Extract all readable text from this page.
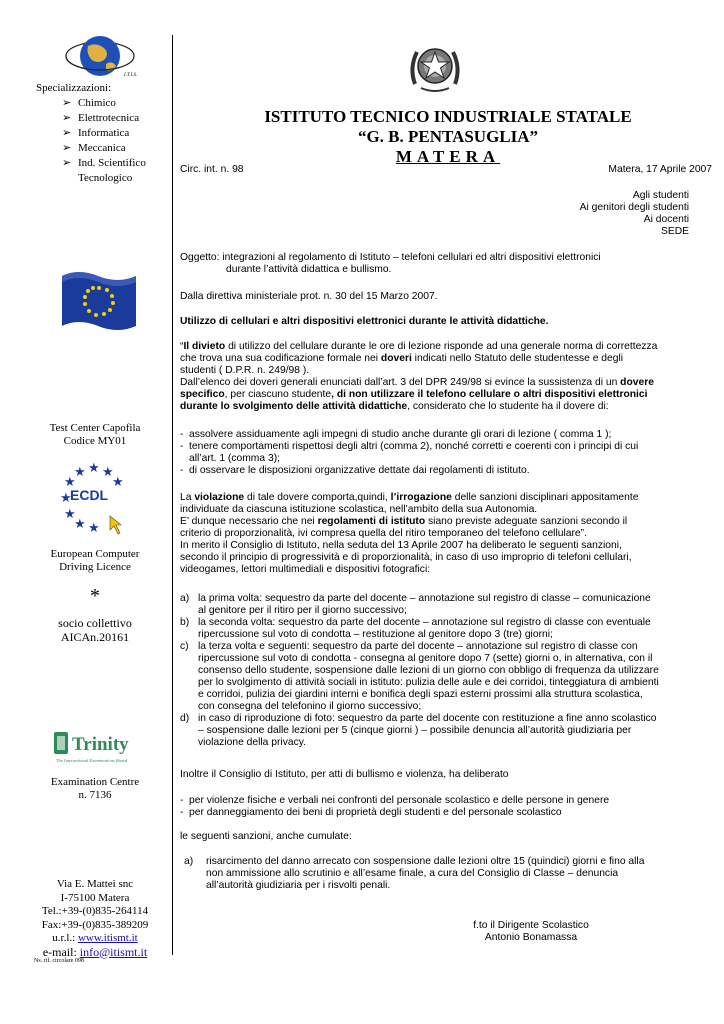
I.T.I.S.
Specializzazioni:
➢ Chimico
➢ Elettrotecnica
➢ Informatica
➢ Meccanica
➢ Ind. Scientifico Tecnologico
Test Center Capofila
Codice MY01
★ ★
★
★
★
★
★
★ ★
ECDL
European Computer
Driving Licence
*
socio collettivo
AICAn.20161
Trinity
The International Examinations Board
Examination Centre
n. 7136
Via E. Mattei snc
I-75100 Matera
Tel.:+39-(0)835-264114
Fax:+39-(0)835-389209
u.r.l.: www.itismt.it
e-mail: info@itismt.it
Ns. rif. circolare 098
ISTITUTO TECNICO INDUSTRIALE STATALE
“G. B. PENTASUGLIA”
MATERA
Circ. int. n. 98	Matera, 17 Aprile 2007
Agli studenti
Ai genitori degli studenti
Ai docenti
SEDE
Oggetto: integrazioni al regolamento di Istituto – telefoni cellulari ed altri dispositivi elettronici
durante l’attività didattica e bullismo.
Dalla direttiva ministeriale prot. n. 30 del 15 Marzo 2007.
Utilizzo di cellulari e altri dispositivi elettronici durante le attività didattiche.
“Il divieto di utilizzo del cellulare durante le ore di lezione risponde ad una generale norma di correttezza
che trova una sua codificazione formale nei doveri indicati nello Statuto delle studentesse e degli
studenti ( D.P.R. n. 249/98 ).
Dall’elenco dei doveri generali enunciati dall’art. 3 del DPR 249/98 si evince la sussistenza di un dovere
specifico, per ciascuno studente, di non utilizzare il telefono cellulare o altri dispositivi elettronici
durante lo svolgimento delle attività didattiche, considerato che lo studente ha il dovere di:
- assolvere assiduamente agli impegni di studio anche durante gli orari di lezione ( comma 1 );
- tenere comportamenti rispettosi degli altri (comma 2), nonché corretti e coerenti con i principi di cui
all’art. 1 (comma 3);
- di osservare le disposizioni organizzative dettate dai regolamenti di istituto.
La violazione di tale dovere comporta,quindi, l’irrogazione delle sanzioni disciplinari appositamente
individuate da ciascuna istituzione scolastica, nell’ambito della sua Autonomia.
E’ dunque necessario che nei regolamenti di istituto siano previste adeguate sanzioni secondo il
criterio di proporzionalità, ivi compresa quella del ritiro temporaneo del telefono cellulare”.
In merito il Consiglio di Istituto, nella seduta del 13 Aprile 2007 ha deliberato le seguenti sanzioni,
secondo il principio di progressività e di proporzionalità, in caso di uso improprio di telefoni cellulari,
videogames, lettori multimediali e dispositivi fotografici:
a) la prima volta: sequestro da parte del docente – annotazione sul registro di classe – comunicazione
al genitore per il ritiro per il giorno successivo;
b) la seconda volta: sequestro da parte del docente – annotazione sul registro di classe con eventuale
ripercussione sul voto di condotta – restituzione al genitore dopo 3 (tre) giorni;
c) la terza volta e seguenti: sequestro da parte del docente – annotazione sul registro di classe con
ripercussione sul voto di condotta - consegna al genitore dopo 7 (sette) giorni o, in alternativa, con il
consenso dello studente, sospensione dalle lezioni di un giorno con obbligo di frequenza da utilizzare
per lo svolgimento di attività sociali in istituto: pulizia delle aule e dei corridoi, tinteggiatura di ambienti
e corridoi, pulizia dei giardini interni e bonifica degli spazi esterni prossimi alla struttura scolastica,
con consegna del telefonino il giorno successivo;
d) in caso di riproduzione di foto: sequestro da parte del docente con restituzione a fine anno scolastico
– sospensione dalle lezioni per 5 (cinque giorni ) – possibile denuncia all’autorità giudiziaria per
violazione della privacy.
Inoltre il Consiglio di Istituto, per atti di bullismo e violenza, ha deliberato
- per violenze fisiche e verbali nei confronti del personale scolastico e delle persone in genere
- per danneggiamento dei beni di proprietà degli studenti e del personale scolastico
le seguenti sanzioni, anche cumulate:
a) risarcimento del danno arrecato con sospensione dalle lezioni oltre 15 (quindici) giorni e fino alla
non ammissione allo scrutinio e all’esame finale, a cura del Consiglio di Classe – denuncia
all’autorità giudiziaria per i risvolti penali.
f.to il Dirigente Scolastico
Antonio Bonamassa
